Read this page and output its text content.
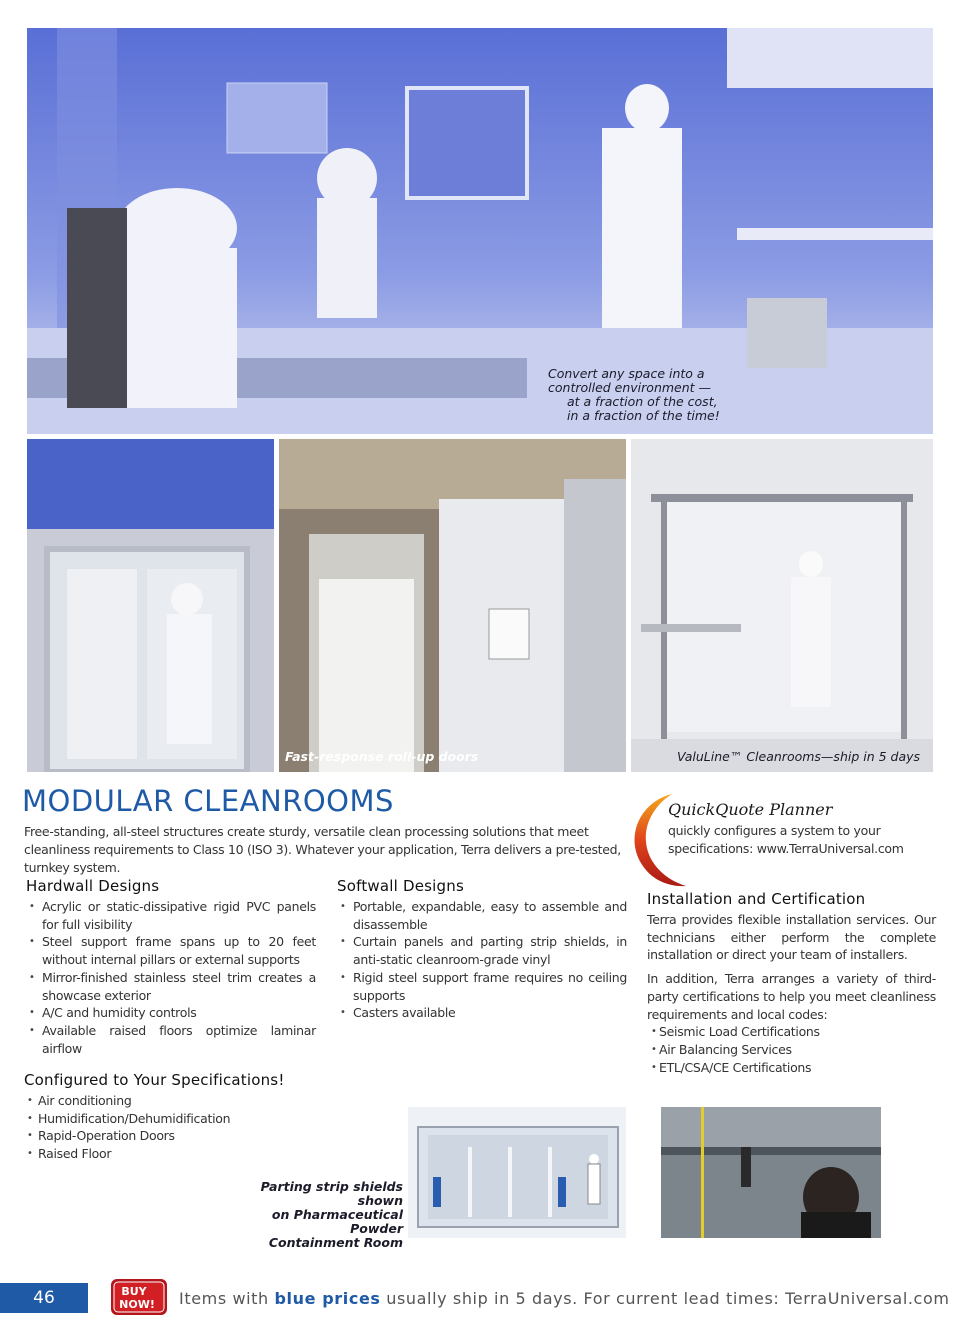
Convert any space into a
controlled environment —
at a fraction of the cost,
in a fraction of the time!
Fast-response roll-up doors	ValuLine™ Cleanrooms—ship in 5 days
MODULAR CLEANROOMS
Free-standing, all-steel structures create sturdy, versatile clean processing solutions that meet cleanliness requirements to Class 10 (ISO 3). Whatever your application, Terra delivers a pre-tested, turnkey system.
QuickQuote Planner
quickly configures a system to your specifications: www.TerraUniversal.com
Hardwall Designs
• Acrylic or static-dissipative rigid PVC panels for full visibility
• Steel support frame spans up to 20 feet without internal pillars or external supports
• Mirror-finished stainless steel trim creates a showcase exterior
• A/C and humidity controls
• Available raised floors optimize laminar airflow
Softwall Designs
• Portable, expandable, easy to assemble and disassemble
• Curtain panels and parting strip shields, in anti-static cleanroom-grade vinyl
• Rigid steel support frame requires no ceiling supports
• Casters available
Installation and Certification

Terra provides flexible installation services. Our technicians either perform the complete installation or direct your team of installers.

In addition, Terra arranges a variety of third-party certifications to help you meet cleanliness requirements and local codes:

• Seismic Load Certifications
• Air Balancing Services
• ETL/CSA/CE Certifications
Configured to Your Specifications!
• Air conditioning
• Humidification/Dehumidification
• Rapid-Operation Doors
• Raised Floor
Parting strip shields shown
on Pharmaceutical Powder
Containment Room
46	BUY
NOW! Items with blue prices usually ship in 5 days. For current lead times: TerraUniversal.com
